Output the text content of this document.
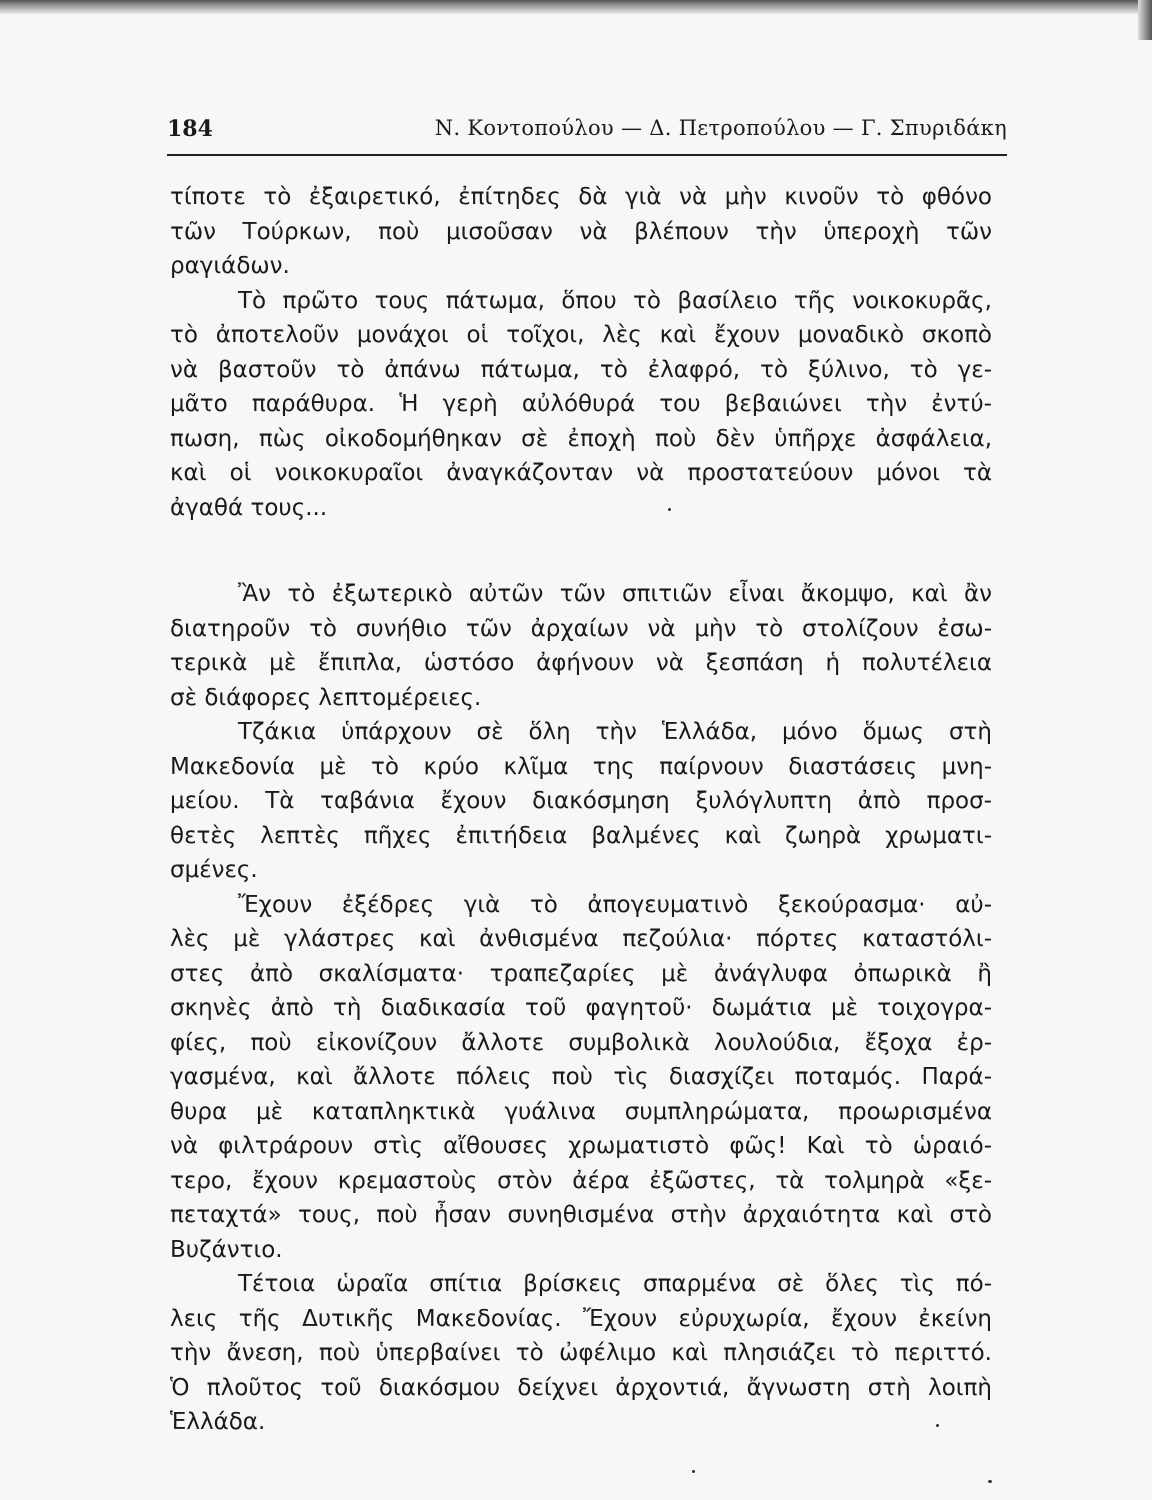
184	Ν. Κοντοπούλου — Δ. Πετροπούλου — Γ. Σπυριδάκη
τίποτε τὸ ἐξαιρετικό, ἐπίτηδες δὰ γιὰ νὰ μὴν κινοῦν τὸ φθόνο
τῶν Τούρκων, ποὺ μισοῦσαν νὰ βλέπουν τὴν ὑπεροχὴ τῶν
ραγιάδων.
Τὸ πρῶτο τους πάτωμα, ὅπου τὸ βασίλειο τῆς νοικοκυρᾶς,
τὸ ἀποτελοῦν μονάχοι οἱ τοῖχοι, λὲς καὶ ἔχουν μοναδικὸ σκοπὸ
νὰ βαστοῦν τὸ ἀπάνω πάτωμα, τὸ ἐλαφρό, τὸ ξύλινο, τὸ γε-
μᾶτο παράθυρα. Ἡ γερὴ αὐλόθυρά του βεβαιώνει τὴν ἐντύ-
πωση, πὼς οἰκοδομήθηκαν σὲ ἐποχὴ ποὺ δὲν ὑπῆρχε ἀσφάλεια,
καὶ οἱ νοικοκυραῖοι ἀναγκάζονταν νὰ προστατεύουν μόνοι τὰ
ἀγαθά τους...
Ἂν τὸ ἐξωτερικὸ αὐτῶν τῶν σπιτιῶν εἶναι ἄκομψο, καὶ ἂν
διατηροῦν τὸ συνήθιο τῶν ἀρχαίων νὰ μὴν τὸ στολίζουν ἐσω-
τερικὰ μὲ ἔπιπλα, ὡστόσο ἀφήνουν νὰ ξεσπάση ἡ πολυτέλεια
σὲ διάφορες λεπτομέρειες.
Τζάκια ὑπάρχουν σὲ ὅλη τὴν Ἑλλάδα, μόνο ὅμως στὴ
Μακεδονία μὲ τὸ κρύο κλῖμα της παίρνουν διαστάσεις μνη-
μείου. Τὰ ταβάνια ἔχουν διακόσμηση ξυλόγλυπτη ἀπὸ προσ-
θετὲς λεπτὲς πῆχες ἐπιτήδεια βαλμένες καὶ ζωηρὰ χρωματι-
σμένες.
Ἔχουν ἐξέδρες γιὰ τὸ ἀπογευματινὸ ξεκούρασμα· αὐ-
λὲς μὲ γλάστρες καὶ ἀνθισμένα πεζούλια· πόρτες καταστόλι-
στες ἀπὸ σκαλίσματα· τραπεζαρίες μὲ ἀνάγλυφα ὀπωρικὰ ἢ
σκηνὲς ἀπὸ τὴ διαδικασία τοῦ φαγητοῦ· δωμάτια μὲ τοιχογρα-
φίες, ποὺ εἰκονίζουν ἄλλοτε συμβολικὰ λουλούδια, ἔξοχα ἐρ-
γασμένα, καὶ ἄλλοτε πόλεις ποὺ τὶς διασχίζει ποταμός. Παρά-
θυρα μὲ καταπληκτικὰ γυάλινα συμπληρώματα, προωρισμένα
νὰ φιλτράρουν στὶς αἴθουσες χρωματιστὸ φῶς! Καὶ τὸ ὡραιό-
τερο, ἔχουν κρεμαστοὺς στὸν ἀέρα ἐξῶστες, τὰ τολμηρὰ «ξε-
πεταχτά» τους, ποὺ ἦσαν συνηθισμένα στὴν ἀρχαιότητα καὶ στὸ
Βυζάντιο.
Τέτοια ὡραῖα σπίτια βρίσκεις σπαρμένα σὲ ὅλες τὶς πό-
λεις τῆς Δυτικῆς Μακεδονίας. Ἔχουν εὐρυχωρία, ἔχουν ἐκείνη
τὴν ἄνεση, ποὺ ὑπερβαίνει τὸ ὠφέλιμο καὶ πλησιάζει τὸ περιττό.
Ὁ πλοῦτος τοῦ διακόσμου δείχνει ἀρχοντιά, ἄγνωστη στὴ λοιπὴ
Ἑλλάδα.
